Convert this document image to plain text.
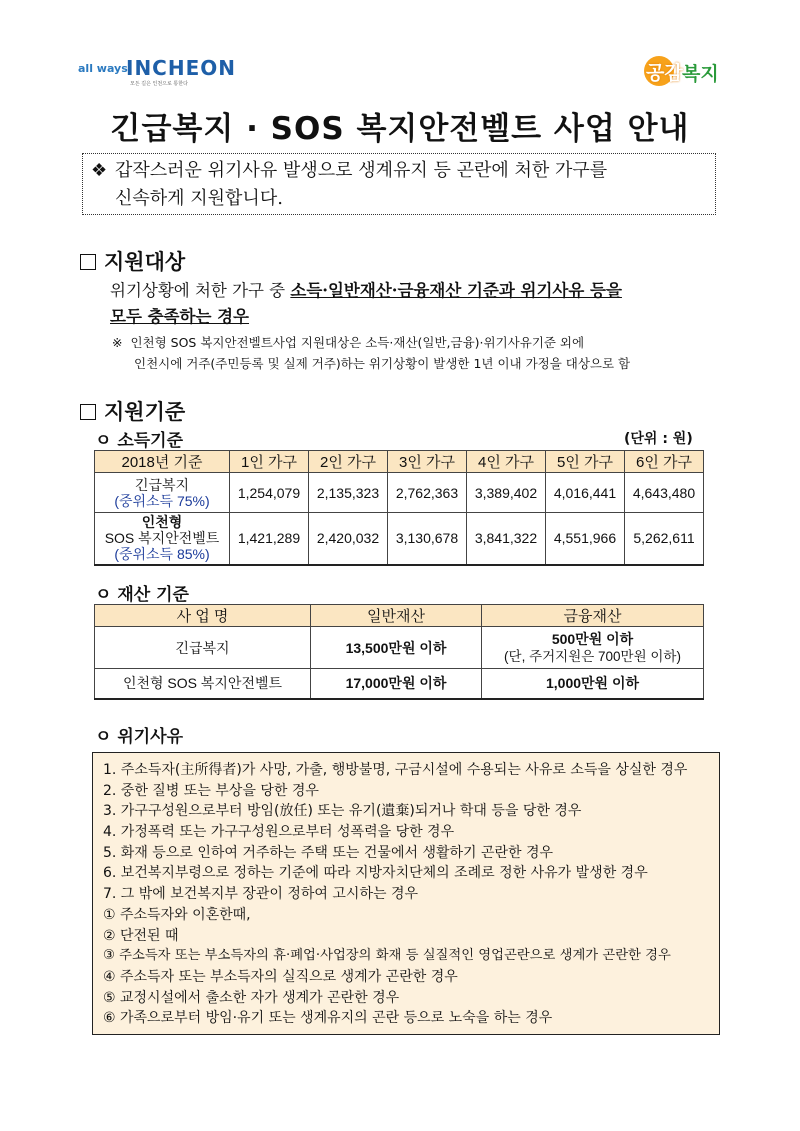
all ways
INCHEON
모든 길은 인천으로 통한다	공감 복지
긴급복지 · SOS 복지안전벨트 사업 안내
❖ 갑작스러운 위기사유 발생으로 생계유지 등 곤란에 처한 가구를
신속하게 지원합니다.
지원대상
위기상황에 처한 가구 중 소득·일반재산·금융재산 기준과 위기사유 등을
모두 충족하는 경우
※ 인천형 SOS 복지안전벨트사업 지원대상은 소득·재산(일반,금융)·위기사유기준 외에
인천시에 거주(주민등록 및 실제 거주)하는 위기상황이 발생한 1년 이내 가정을 대상으로 함
지원기준
ㅇ 소득기준	(단위 : 원)
2018년 기준	1인 가구	2인 가구	3인 가구	4인 가구	5인 가구	6인 가구

긴급복지
(중위소득 75%)	1,254,079	2,135,323	2,762,363	3,389,402	4,016,441	4,643,480

인천형
SOS 복지안전벨트
(중위소득 85%)	1,421,289	2,420,032	3,130,678	3,841,322	4,551,966	5,262,611
ㅇ 재산 기준
사 업 명	일반재산	금융재산
긴급복지	13,500만원 이하	500만원 이하
(단, 주거지원은 700만원 이하)

인천형 SOS 복지안전벨트	17,000만원 이하	1,000만원 이하
ㅇ 위기사유
1. 주소득자(主所得者)가 사망, 가출, 행방불명, 구금시설에 수용되는 사유로 소득을 상실한 경우
2. 중한 질병 또는 부상을 당한 경우
3. 가구구성원으로부터 방임(放任) 또는 유기(遺棄)되거나 학대 등을 당한 경우
4. 가정폭력 또는 가구구성원으로부터 성폭력을 당한 경우
5. 화재 등으로 인하여 거주하는 주택 또는 건물에서 생활하기 곤란한 경우
6. 보건복지부령으로 정하는 기준에 따라 지방자치단체의 조례로 정한 사유가 발생한 경우
7. 그 밖에 보건복지부 장관이 정하여 고시하는 경우
① 주소득자와 이혼한때,
② 단전된 때
③ 주소득자 또는 부소득자의 휴·폐업·사업장의 화재 등 실질적인 영업곤란으로 생계가 곤란한 경우
④ 주소득자 또는 부소득자의 실직으로 생계가 곤란한 경우
⑤ 교정시설에서 출소한 자가 생계가 곤란한 경우
⑥ 가족으로부터 방임·유기 또는 생계유지의 곤란 등으로 노숙을 하는 경우
